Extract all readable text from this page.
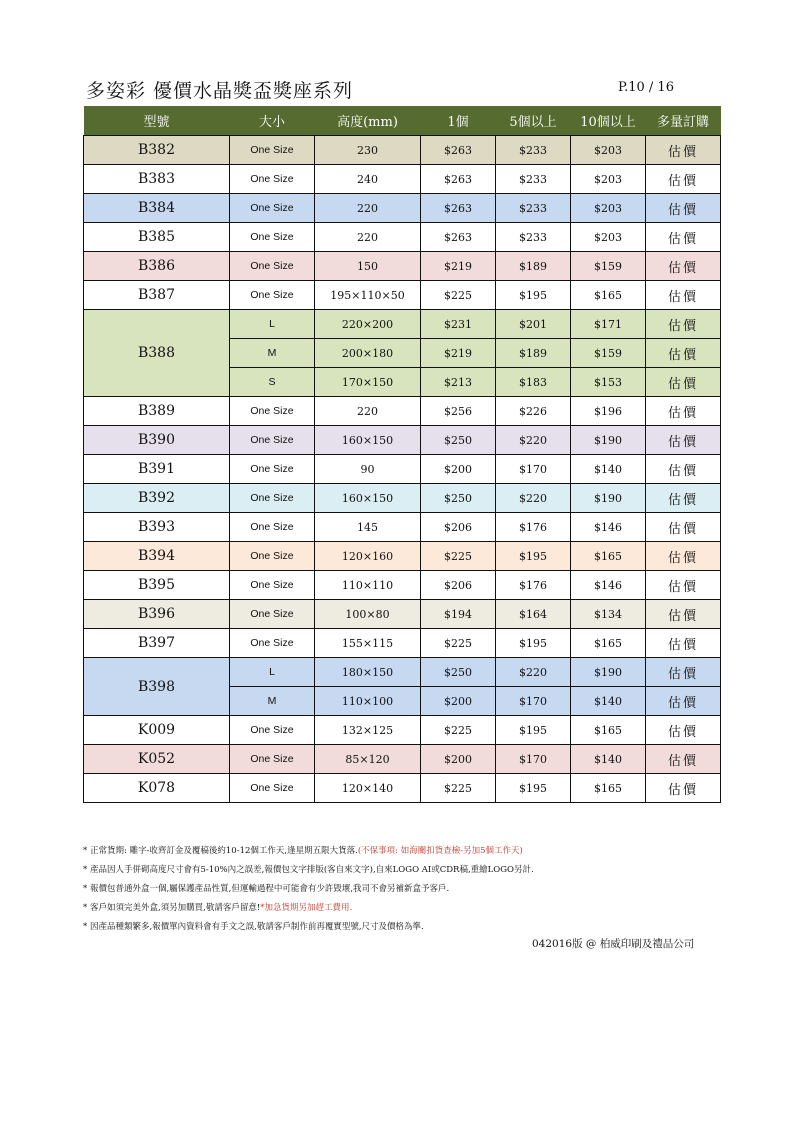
多姿彩 優價水晶獎盃獎座系列	P.10 / 16
型號	大小	高度(mm)	1個	5個以上	10個以上	多量訂購
B382	One Size	230	$263	$233	$203	估價
B383	One Size	240	$263	$233	$203	估價
B384	One Size	220	$263	$233	$203	估價
B385	One Size	220	$263	$233	$203	估價
B386	One Size	150	$219	$189	$159	估價
B387	One Size	195×110×50	$225	$195	$165	估價
B388	L	220×200	$231	$201	$171	估價
	M	200×180	$219	$189	$159	估價
	S	170×150	$213	$183	$153	估價
B389	One Size	220	$256	$226	$196	估價
B390	One Size	160×150	$250	$220	$190	估價
B391	One Size	90	$200	$170	$140	估價
B392	One Size	160×150	$250	$220	$190	估價
B393	One Size	145	$206	$176	$146	估價
B394	One Size	120×160	$225	$195	$165	估價
B395	One Size	110×110	$206	$176	$146	估價
B396	One Size	100×80	$194	$164	$134	估價
B397	One Size	155×115	$225	$195	$165	估價
B398	L	180×150	$250	$220	$190	估價
	M	110×100	$200	$170	$140	估價
K009	One Size	132×125	$225	$195	$165	估價
K052	One Size	85×120	$200	$170	$140	估價
K078	One Size	120×140	$225	$195	$165	估價
* 正常貨期: 雕字-收齊訂金及覆稿後約10-12個工作天,逢星期五限大貨落.(不保事項: 如海關扣貨查檢-另加5個工作天)
* 產品因人手併砌高度尺寸會有5-10%內之誤差,報價包文字排版(客自來文字),自來LOGO AI或CDR稿,重繪LOGO另計.
* 報價包普通外盒一個,屬保護產品性質,但運輸過程中可能會有少許毀壞,我司不會另補新盒予客戶.
* 客戶如須完美外盒,須另加購買,敬請客戶留意!*加急貨期另加趕工費用.
* 因產品種類繁多,報價單內資料會有手文之誤,敬請客戶制作前再覆實型號,尺寸及價格為準.
042016版 @ 柏威印刷及禮品公司
